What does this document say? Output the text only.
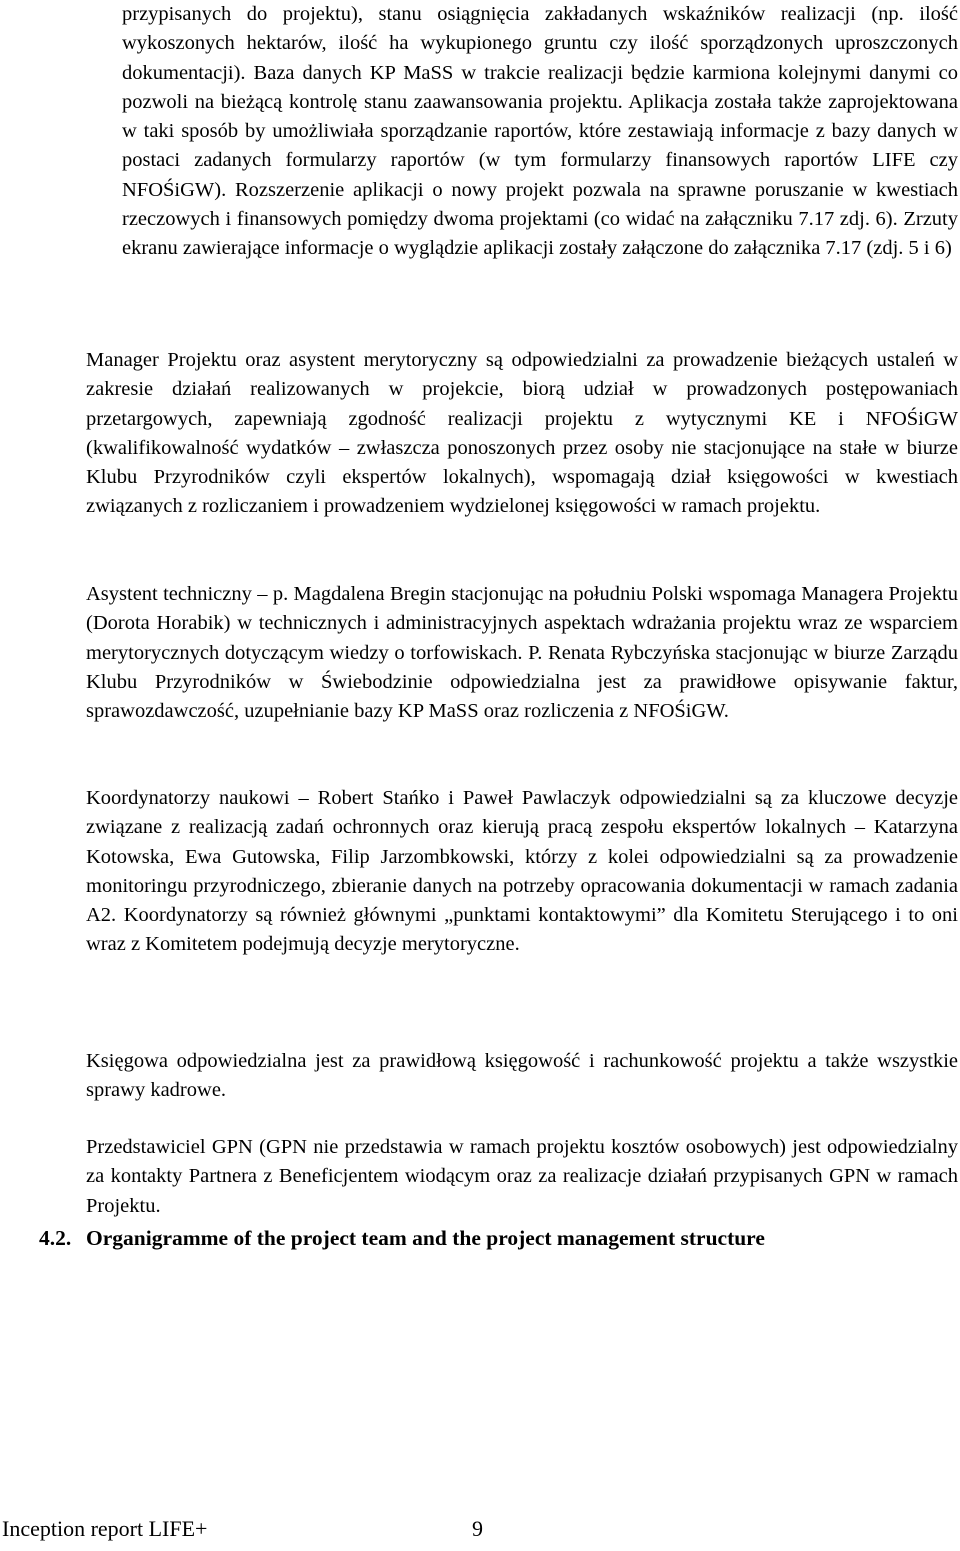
przypisanych do projektu), stanu osiągnięcia zakładanych wskaźników realizacji (np. ilość wykoszonych hektarów, ilość ha wykupionego gruntu czy ilość sporządzonych uproszczonych dokumentacji). Baza danych KP MaSS w trakcie realizacji będzie karmiona kolejnymi danymi co pozwoli na bieżącą kontrolę stanu zaawansowania projektu. Aplikacja została także zaprojektowana w taki sposób by umożliwiała sporządzanie raportów, które zestawiają informacje z bazy danych w postaci zadanych formularzy raportów (w tym formularzy finansowych raportów LIFE czy NFOŚiGW). Rozszerzenie aplikacji o nowy projekt pozwala na sprawne poruszanie w kwestiach rzeczowych i finansowych pomiędzy dwoma projektami (co widać na załączniku 7.17 zdj. 6). Zrzuty ekranu zawierające informacje o wyglądzie aplikacji zostały załączone do załącznika 7.17 (zdj. 5 i 6)

Manager Projektu oraz asystent merytoryczny są odpowiedzialni za prowadzenie bieżących ustaleń w zakresie działań realizowanych w projekcie, biorą udział w prowadzonych postępowaniach przetargowych, zapewniają zgodność realizacji projektu z wytycznymi KE i NFOŚiGW (kwalifikowalność wydatków – zwłaszcza ponoszonych przez osoby nie stacjonujące na stałe w biurze Klubu Przyrodników czyli ekspertów lokalnych), wspomagają dział księgowości w kwestiach związanych z rozliczaniem i prowadzeniem wydzielonej księgowości w ramach projektu.

Asystent techniczny – p. Magdalena Bregin stacjonując na południu Polski wspomaga Managera Projektu (Dorota Horabik) w technicznych i administracyjnych aspektach wdrażania projektu wraz ze wsparciem merytorycznych dotyczącym wiedzy o torfowiskach. P. Renata Rybczyńska stacjonując w biurze Zarządu Klubu Przyrodników w Świebodzinie odpowiedzialna jest za prawidłowe opisywanie faktur, sprawozdawczość, uzupełnianie bazy KP MaSS oraz rozliczenia z NFOŚiGW.

Koordynatorzy naukowi – Robert Stańko i Paweł Pawlaczyk odpowiedzialni są za kluczowe decyzje związane z realizacją zadań ochronnych oraz kierują pracą zespołu ekspertów lokalnych – Katarzyna Kotowska, Ewa Gutowska, Filip Jarzombkowski, którzy z kolei odpowiedzialni są za prowadzenie monitoringu przyrodniczego, zbieranie danych na potrzeby opracowania dokumentacji w ramach zadania A2. Koordynatorzy są również głównymi „punktami kontaktowymi” dla Komitetu Sterującego i to oni wraz z Komitetem podejmują decyzje merytoryczne.

Księgowa odpowiedzialna jest za prawidłową księgowość i rachunkowość projektu a także wszystkie sprawy kadrowe.

Przedstawiciel GPN (GPN nie przedstawia w ramach projektu kosztów osobowych) jest odpowiedzialny za kontakty Partnera z Beneficjentem wiodącym oraz za realizacje działań przypisanych GPN w ramach Projektu.

4.2. Organigramme of the project team and the project management structure
Inception report LIFE+	9
